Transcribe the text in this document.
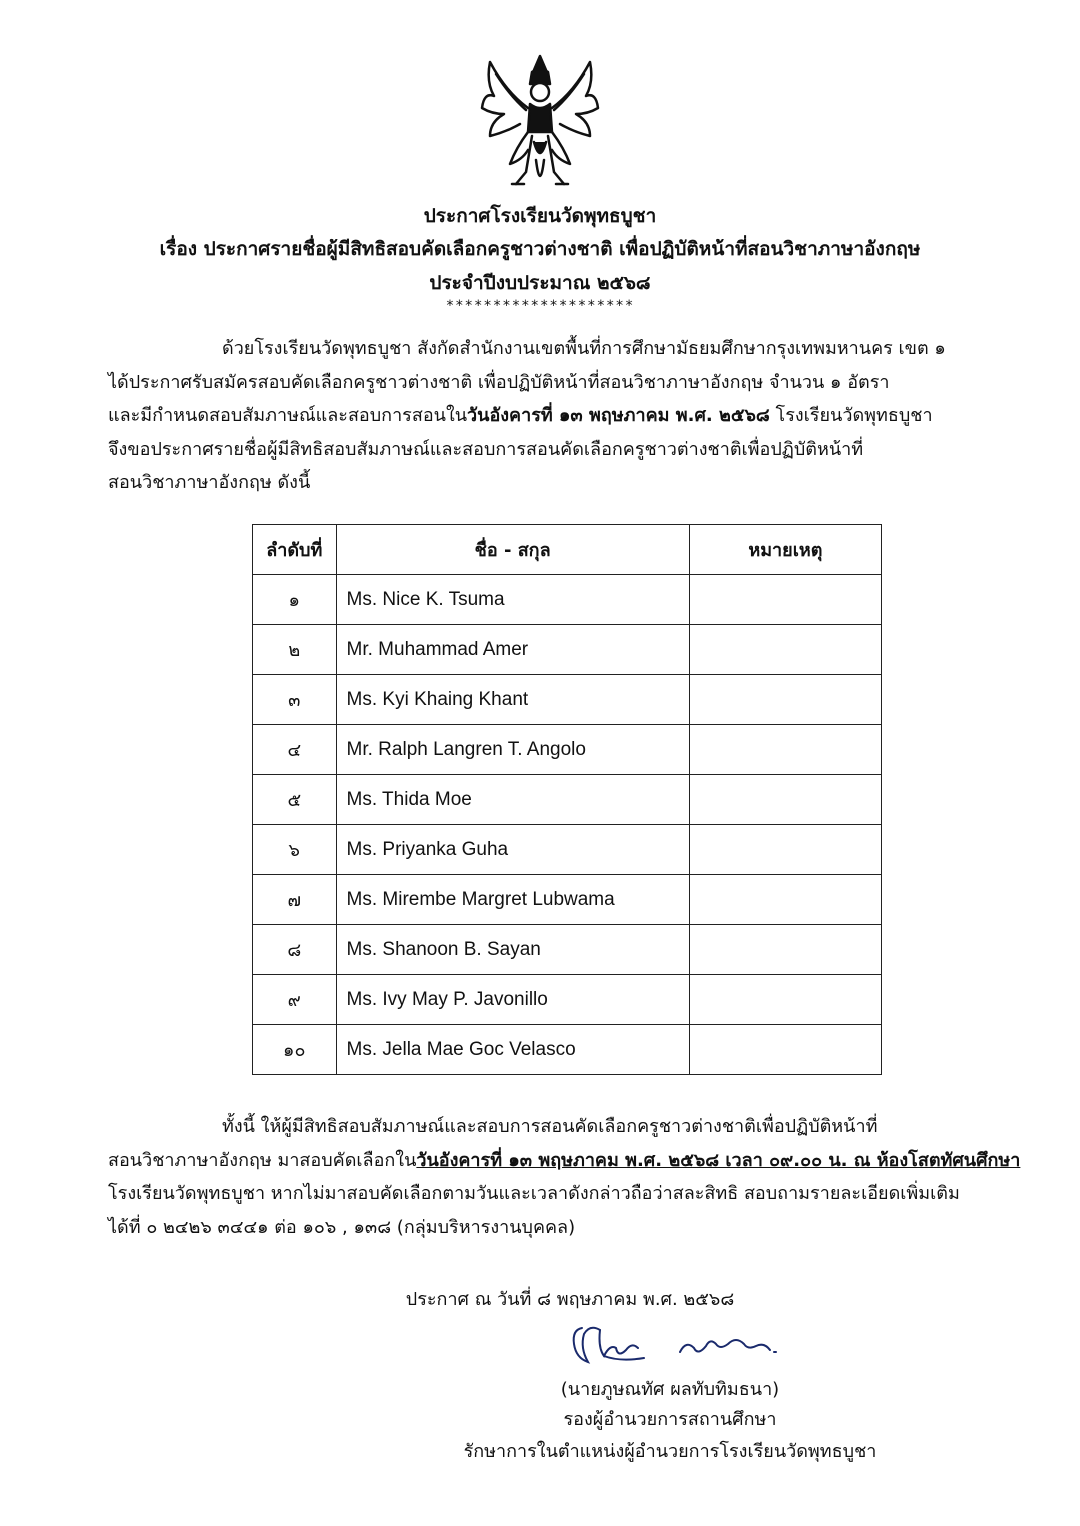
ประกาศโรงเรียนวัดพุทธบูชา
เรื่อง ประกาศรายชื่อผู้มีสิทธิสอบคัดเลือกครูชาวต่างชาติ เพื่อปฏิบัติหน้าที่สอนวิชาภาษาอังกฤษ
ประจำปีงบประมาณ ๒๕๖๘
********************
ด้วยโรงเรียนวัดพุทธบูชา สังกัดสำนักงานเขตพื้นที่การศึกษามัธยมศึกษากรุงเทพมหานคร เขต ๑
ได้ประกาศรับสมัครสอบคัดเลือกครูชาวต่างชาติ เพื่อปฏิบัติหน้าที่สอนวิชาภาษาอังกฤษ จำนวน ๑ อัตรา
และมีกำหนดสอบสัมภาษณ์และสอบการสอนในวันอังคารที่ ๑๓ พฤษภาคม พ.ศ. ๒๕๖๘ โรงเรียนวัดพุทธบูชา
จึงขอประกาศรายชื่อผู้มีสิทธิสอบสัมภาษณ์และสอบการสอนคัดเลือกครูชาวต่างชาติเพื่อปฏิบัติหน้าที่
สอนวิชาภาษาอังกฤษ ดังนี้
ลำดับที่	ชื่อ - สกุล	หมายเหตุ
๑	Ms. Nice K. Tsuma	
๒	Mr. Muhammad Amer	
๓	Ms. Kyi Khaing Khant	
๔	Mr. Ralph Langren T. Angolo	
๕	Ms. Thida Moe	
๖	Ms. Priyanka Guha	
๗	Ms. Mirembe Margret Lubwama	
๘	Ms. Shanoon B. Sayan	
๙	Ms. Ivy May P. Javonillo	
๑๐	Ms. Jella Mae Goc Velasco	
ทั้งนี้ ให้ผู้มีสิทธิสอบสัมภาษณ์และสอบการสอนคัดเลือกครูชาวต่างชาติเพื่อปฏิบัติหน้าที่
สอนวิชาภาษาอังกฤษ มาสอบคัดเลือกในวันอังคารที่ ๑๓ พฤษภาคม พ.ศ. ๒๕๖๘ เวลา ๐๙.๐๐ น. ณ ห้องโสตทัศนศึกษา
โรงเรียนวัดพุทธบูชา หากไม่มาสอบคัดเลือกตามวันและเวลาดังกล่าวถือว่าสละสิทธิ สอบถามรายละเอียดเพิ่มเติม
ได้ที่ ๐ ๒๔๒๖ ๓๔๔๑ ต่อ ๑๐๖ , ๑๓๘ (กลุ่มบริหารงานบุคคล)
ประกาศ ณ วันที่ ๘ พฤษภาคม พ.ศ. ๒๕๖๘
(นายภูษณทัศ ผลทับทิมธนา)
รองผู้อำนวยการสถานศึกษา
รักษาการในตำแหน่งผู้อำนวยการโรงเรียนวัดพุทธบูชา
